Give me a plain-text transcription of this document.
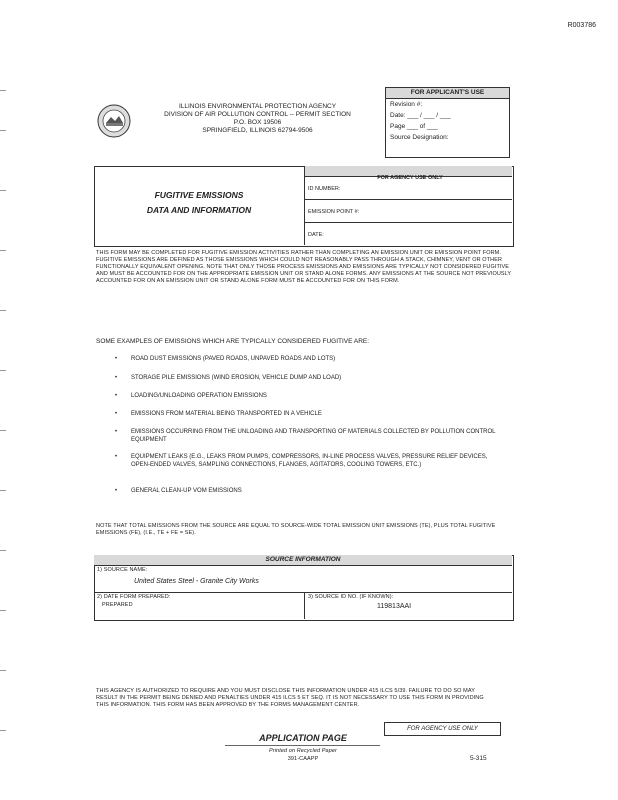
R003786
ILLINOIS ENVIRONMENTAL PROTECTION AGENCY
DIVISION OF AIR POLLUTION CONTROL -- PERMIT SECTION
P.O. BOX 19506
SPRINGFIELD, ILLINOIS 62794-9506
FOR APPLICANT'S USE
Revision #:
Date: ___ / ___ / ___
Page ___ of ___
Source Designation:
FUGITIVE EMISSIONS
DATA AND INFORMATION
FOR AGENCY USE ONLY
ID NUMBER:
EMISSION POINT #:
DATE:
THIS FORM MAY BE COMPLETED FOR FUGITIVE EMISSION ACTIVITIES RATHER THAN COMPLETING AN EMISSION UNIT OR EMISSION POINT FORM. FUGITIVE EMISSIONS ARE DEFINED AS THOSE EMISSIONS WHICH COULD NOT REASONABLY PASS THROUGH A STACK, CHIMNEY, VENT OR OTHER FUNCTIONALLY EQUIVALENT OPENING. NOTE THAT ONLY THOSE PROCESS EMISSIONS AND EMISSIONS ARE TYPICALLY NOT CONSIDERED FUGITIVE AND MUST BE ACCOUNTED FOR ON THE APPROPRIATE EMISSION UNIT OR STAND ALONE FORMS. ANY EMISSIONS AT THE SOURCE NOT PREVIOUSLY ACCOUNTED FOR ON AN EMISSION UNIT OR STAND ALONE FORM MUST BE ACCOUNTED FOR ON THIS FORM.
SOME EXAMPLES OF EMISSIONS WHICH ARE TYPICALLY CONSIDERED FUGITIVE ARE:
• ROAD DUST EMISSIONS (PAVED ROADS, UNPAVED ROADS AND LOTS)
• STORAGE PILE EMISSIONS (WIND EROSION, VEHICLE DUMP AND LOAD)
• LOADING/UNLOADING OPERATION EMISSIONS
• EMISSIONS FROM MATERIAL BEING TRANSPORTED IN A VEHICLE
• EMISSIONS OCCURRING FROM THE UNLOADING AND TRANSPORTING OF MATERIALS COLLECTED BY POLLUTION CONTROL EQUIPMENT
• EQUIPMENT LEAKS (E.G., LEAKS FROM PUMPS, COMPRESSORS, IN-LINE PROCESS VALVES, PRESSURE RELIEF DEVICES, OPEN-ENDED VALVES, SAMPLING CONNECTIONS, FLANGES, AGITATORS, COOLING TOWERS, ETC.)
• GENERAL CLEAN-UP VOM EMISSIONS
NOTE THAT TOTAL EMISSIONS FROM THE SOURCE ARE EQUAL TO SOURCE-WIDE TOTAL EMISSION UNIT EMISSIONS (TE), PLUS TOTAL FUGITIVE EMISSIONS (FE), (I.E., TE + FE = SE).
SOURCE INFORMATION
1) SOURCE NAME:
United States Steel - Granite City Works
2) DATE FORM PREPARED:
PREPARED
3) SOURCE ID NO. (IF KNOWN):
119813AAI
THIS AGENCY IS AUTHORIZED TO REQUIRE AND YOU MUST DISCLOSE THIS INFORMATION UNDER 415 ILCS 5/39. FAILURE TO DO SO MAY RESULT IN THE PERMIT BEING DENIED AND PENALTIES UNDER 415 ILCS 5 ET SEQ. IT IS NOT NECESSARY TO USE THIS FORM IN PROVIDING THIS INFORMATION. THIS FORM HAS BEEN APPROVED BY THE FORMS MANAGEMENT CENTER.
FOR AGENCY USE ONLY
APPLICATION PAGE
Printed on Recycled Paper
391-CAAPP	5-315
